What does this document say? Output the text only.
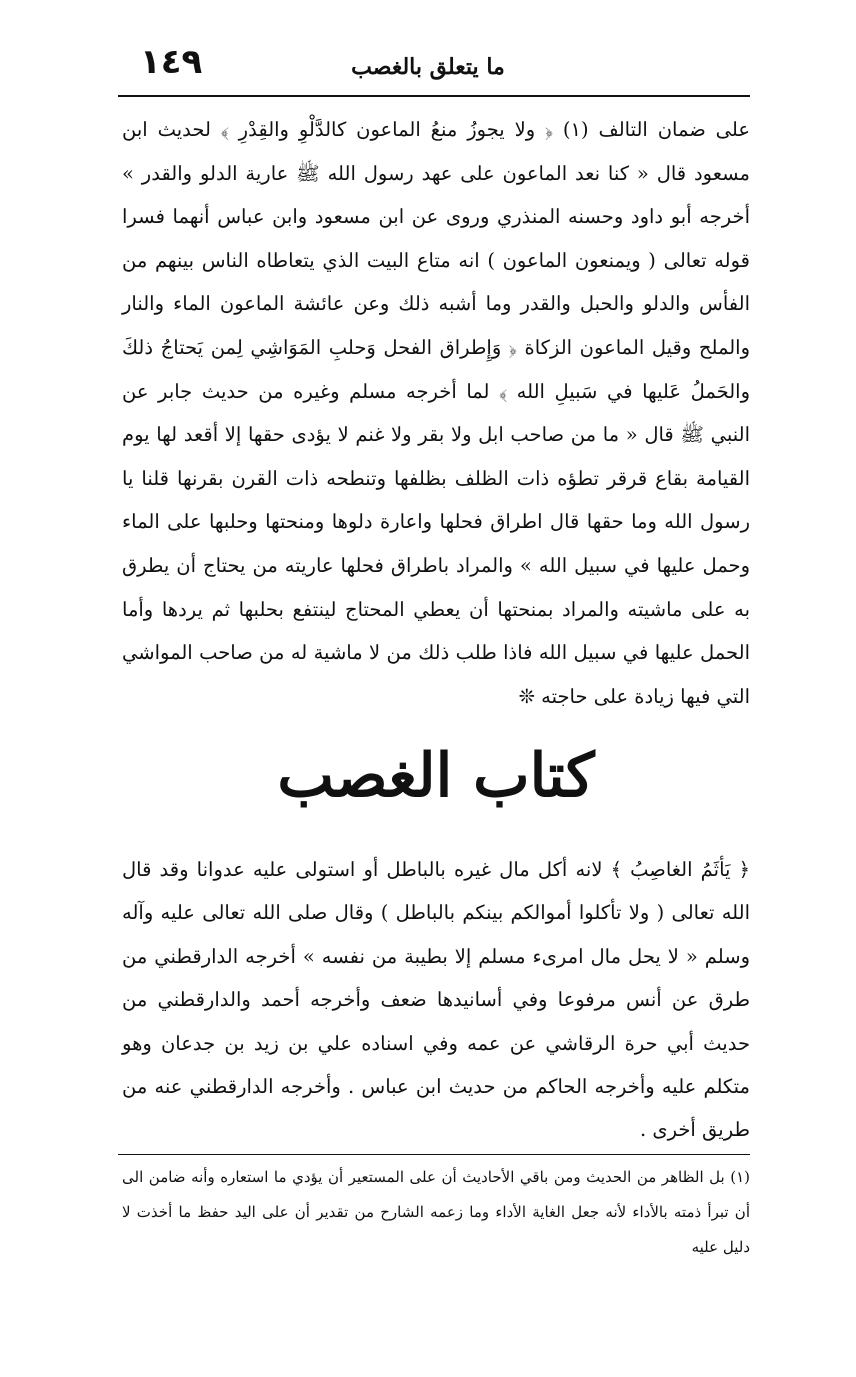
١٤٩	ما يتعلق بالغصب
على ضمان التالف (١) ﴿ ولا يجوزُ منعُ الماعون كالدَّلْوِ والقِدْرِ ﴾ لحديث ابن مسعود قال « كنا نعد الماعون على عهد رسول الله ﷺ عارية الدلو والقدر » أخرجه أبو داود وحسنه المنذري وروى عن ابن مسعود وابن عباس أنهما فسرا قوله تعالى ( ويمنعون الماعون ) انه متاع البيت الذي يتعاطاه الناس بينهم من الفأس والدلو والحبل والقدر وما أشبه ذلك وعن عائشة الماعون الماء والنار والملح وقيل الماعون الزكاة ﴿ وَإِطراق الفحل وَحلبِ المَوَاشِي لِمن يَحتاجُ ذلكَ والحَملُ عَليها في سَبيلِ الله ﴾ لما أخرجه مسلم وغيره من حديث جابر عن النبي ﷺ قال « ما من صاحب ابل ولا بقر ولا غنم لا يؤدى حقها إلا أقعد لها يوم القيامة بقاع قرقر تطؤه ذات الظلف بظلفها وتنطحه ذات القرن بقرنها قلنا يا رسول الله وما حقها قال اطراق فحلها واعارة دلوها ومنحتها وحلبها على الماء وحمل عليها في سبيل الله » والمراد باطراق فحلها عاريته من يحتاج أن يطرق به على ماشيته والمراد بمنحتها أن يعطي المحتاج لينتفع بحلبها ثم يردها وأما الحمل عليها في سبيل الله فاذا طلب ذلك من لا ماشية له من صاحب المواشي التي فيها زيادة على حاجته ❊
كتاب الغصب
﴿ يَأثَمُ الغاصِبُ ﴾ لانه أكل مال غيره بالباطل أو استولى عليه عدوانا وقد قال الله تعالى ( ولا تأكلوا أموالكم بينكم بالباطل ) وقال صلى الله تعالى عليه وآله وسلم « لا يحل مال امرىء مسلم إلا بطيبة من نفسه » أخرجه الدارقطني من طرق عن أنس مرفوعا وفي أسانيدها ضعف وأخرجه أحمد والدارقطني من حديث أبي حرة الرقاشي عن عمه وفي اسناده علي بن زيد بن جدعان وهو متكلم عليه وأخرجه الحاكم من حديث ابن عباس . وأخرجه الدارقطني عنه من طريق أخرى .
(١) بل الظاهر من الحديث ومن باقي الأحاديث أن على المستعير أن يؤدي ما استعاره وأنه ضامن الى أن تبرأ ذمته بالأداء لأنه جعل الغاية الأداء وما زعمه الشارح من تقدير أن على اليد حفظ ما أخذت لا دليل عليه
